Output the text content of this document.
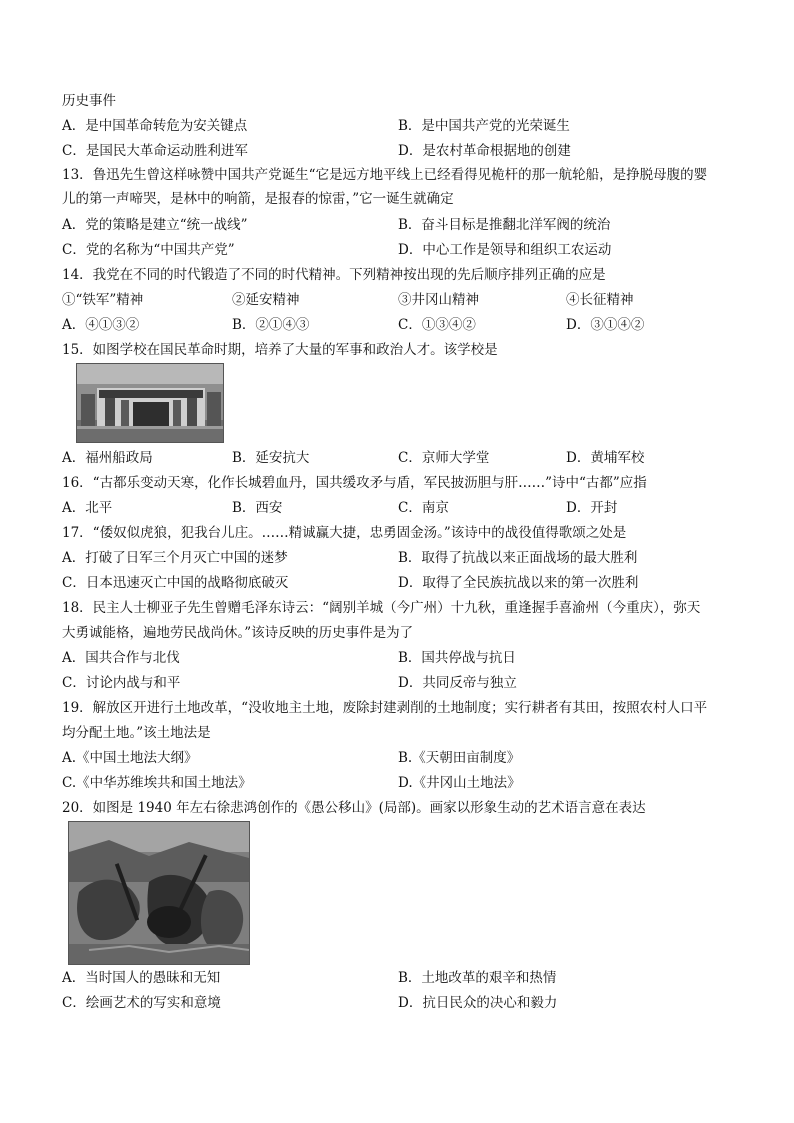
历史事件
A．是中国革命转危为安关键点	B．是中国共产党的光荣诞生
C．是国民大革命运动胜利进军	D．是农村革命根据地的创建
13．鲁迅先生曾这样咏赞中国共产党诞生“它是远方地平线上已经看得见桅杆的那一航轮船，是挣脱母腹的婴
儿的第一声啼哭，是林中的响箭，是报春的惊雷，”它一诞生就确定
A．党的策略是建立“统一战线”	B．奋斗目标是推翻北洋军阀的统治
C．党的名称为“中国共产党”	D．中心工作是领导和组织工农运动
14．我党在不同的时代锻造了不同的时代精神。下列精神按出现的先后顺序排列正确的应是
①“铁军”精神	②延安精神	③井冈山精神	④长征精神
A．④①③②	B．②①④③	C．①③④②	D．③①④②
15．如图学校在国民革命时期，培养了大量的军事和政治人才。该学校是
A．福州船政局	B．延安抗大	C．京师大学堂	D．黄埔军校
16．“古都乐变动天寒，化作长城碧血丹，国共缓攻矛与盾，军民披沥胆与肝……”诗中“古都”应指
A．北平	B．西安	C．南京	D．开封
17．“倭奴似虎狼，犯我台儿庄。……精诚赢大捷，忠勇固金汤。”该诗中的战役值得歌颂之处是
A．打破了日军三个月灭亡中国的迷梦	B．取得了抗战以来正面战场的最大胜利
C．日本迅速灭亡中国的战略彻底破灭	D．取得了全民族抗战以来的第一次胜利
18．民主人士柳亚子先生曾赠毛泽东诗云：“阔别羊城（今广州）十九秋，重逢握手喜渝州（今重庆），弥天
大勇诚能格，遍地劳民战尚休。”该诗反映的历史事件是为了
A．国共合作与北伐	B．国共停战与抗日
C．讨论内战与和平	D．共同反帝与独立
19．解放区开进行土地改革，“没收地主土地，废除封建剥削的土地制度；实行耕者有其田，按照农村人口平
均分配土地。”该土地法是
A.《中国土地法大纲》	B.《天朝田亩制度》
C.《中华苏维埃共和国土地法》	D.《井冈山土地法》
20．如图是 1940 年左右徐悲鸿创作的《愚公移山》(局部)。画家以形象生动的艺术语言意在表达
A．当时国人的愚昧和无知	B．土地改革的艰辛和热情
C．绘画艺术的写实和意境	D．抗日民众的决心和毅力
